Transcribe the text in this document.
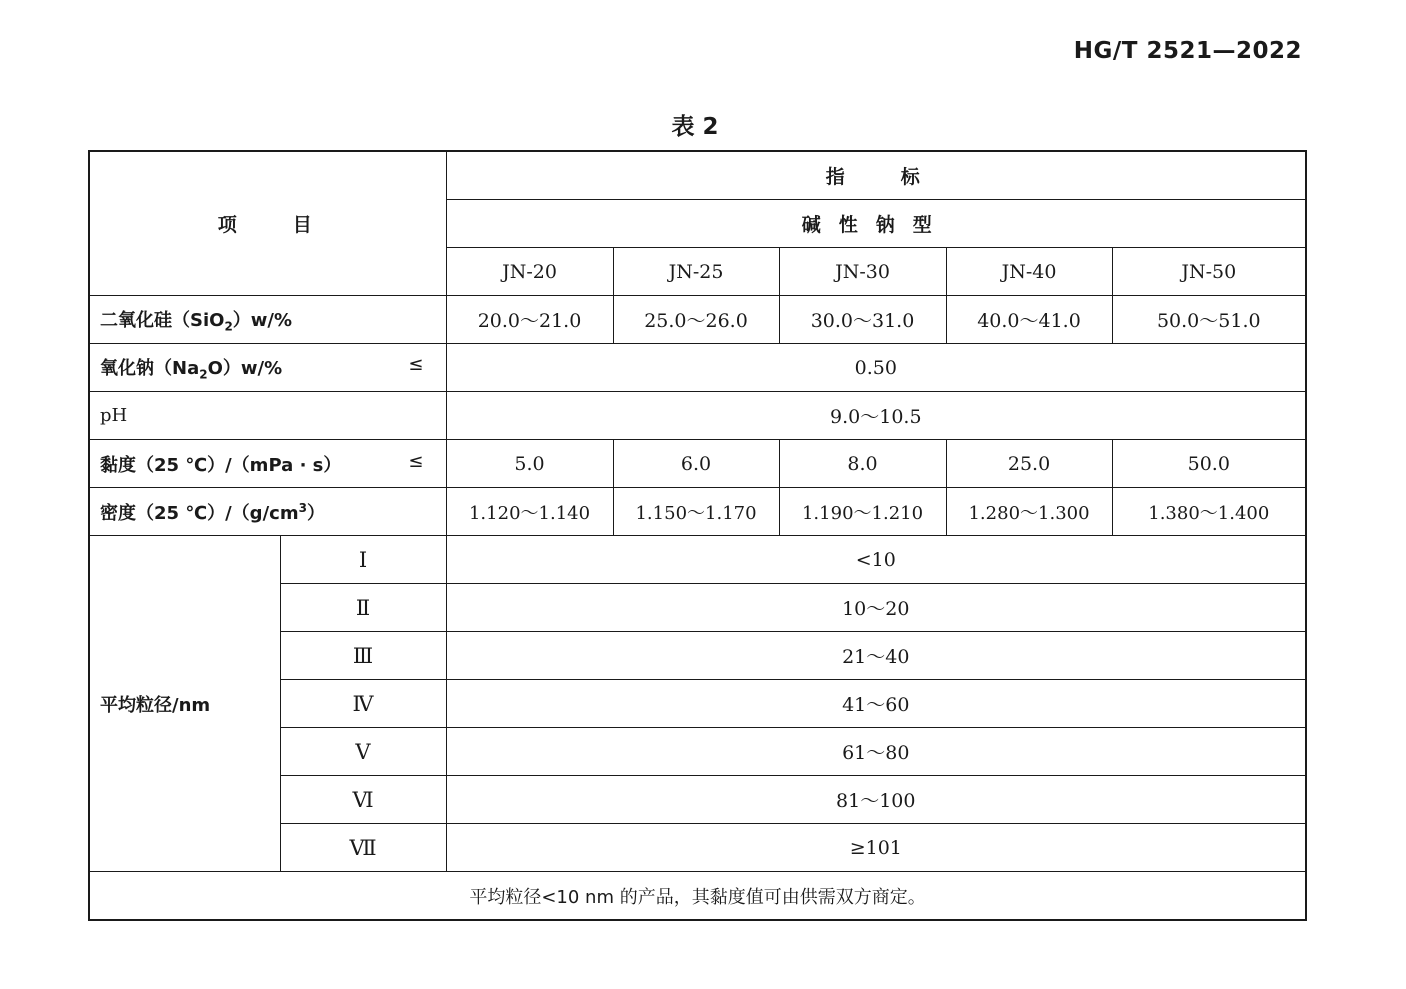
HG/T 2521—2022
表 2
项　　目		指　　标				
		碱性钠型				
		JN-20	JN-25	JN-30	JN-40	JN-50
二氧化硅（SiO$_2$）w/%		20.0～21.0	25.0～26.0	30.0～31.0	40.0～41.0	50.0～51.0
氧化钠$(Na_2O)w/\%$ ≤		0.50				
pH		9.0～10.5				
黏度（25 ℃）/（mPa · s） ≤		5.0	6.0	8.0	25.0	50.0
密度（25 $℃)/(g/cm^3)$		1.120～1.140	1.150～1.170	1.190～1.210	1.280～1.300	1.380～1.400
平均粒径/nm	Ⅰ	<10				
	Ⅱ	10～20				
	Ⅲ	21～40				
	Ⅳ	41～60				
	Ⅴ	61～80				
	Ⅵ	81～100				
	Ⅶ	≥101				
平均粒径<10 nm 的产品，其黏度值可由供需双方商定。						
